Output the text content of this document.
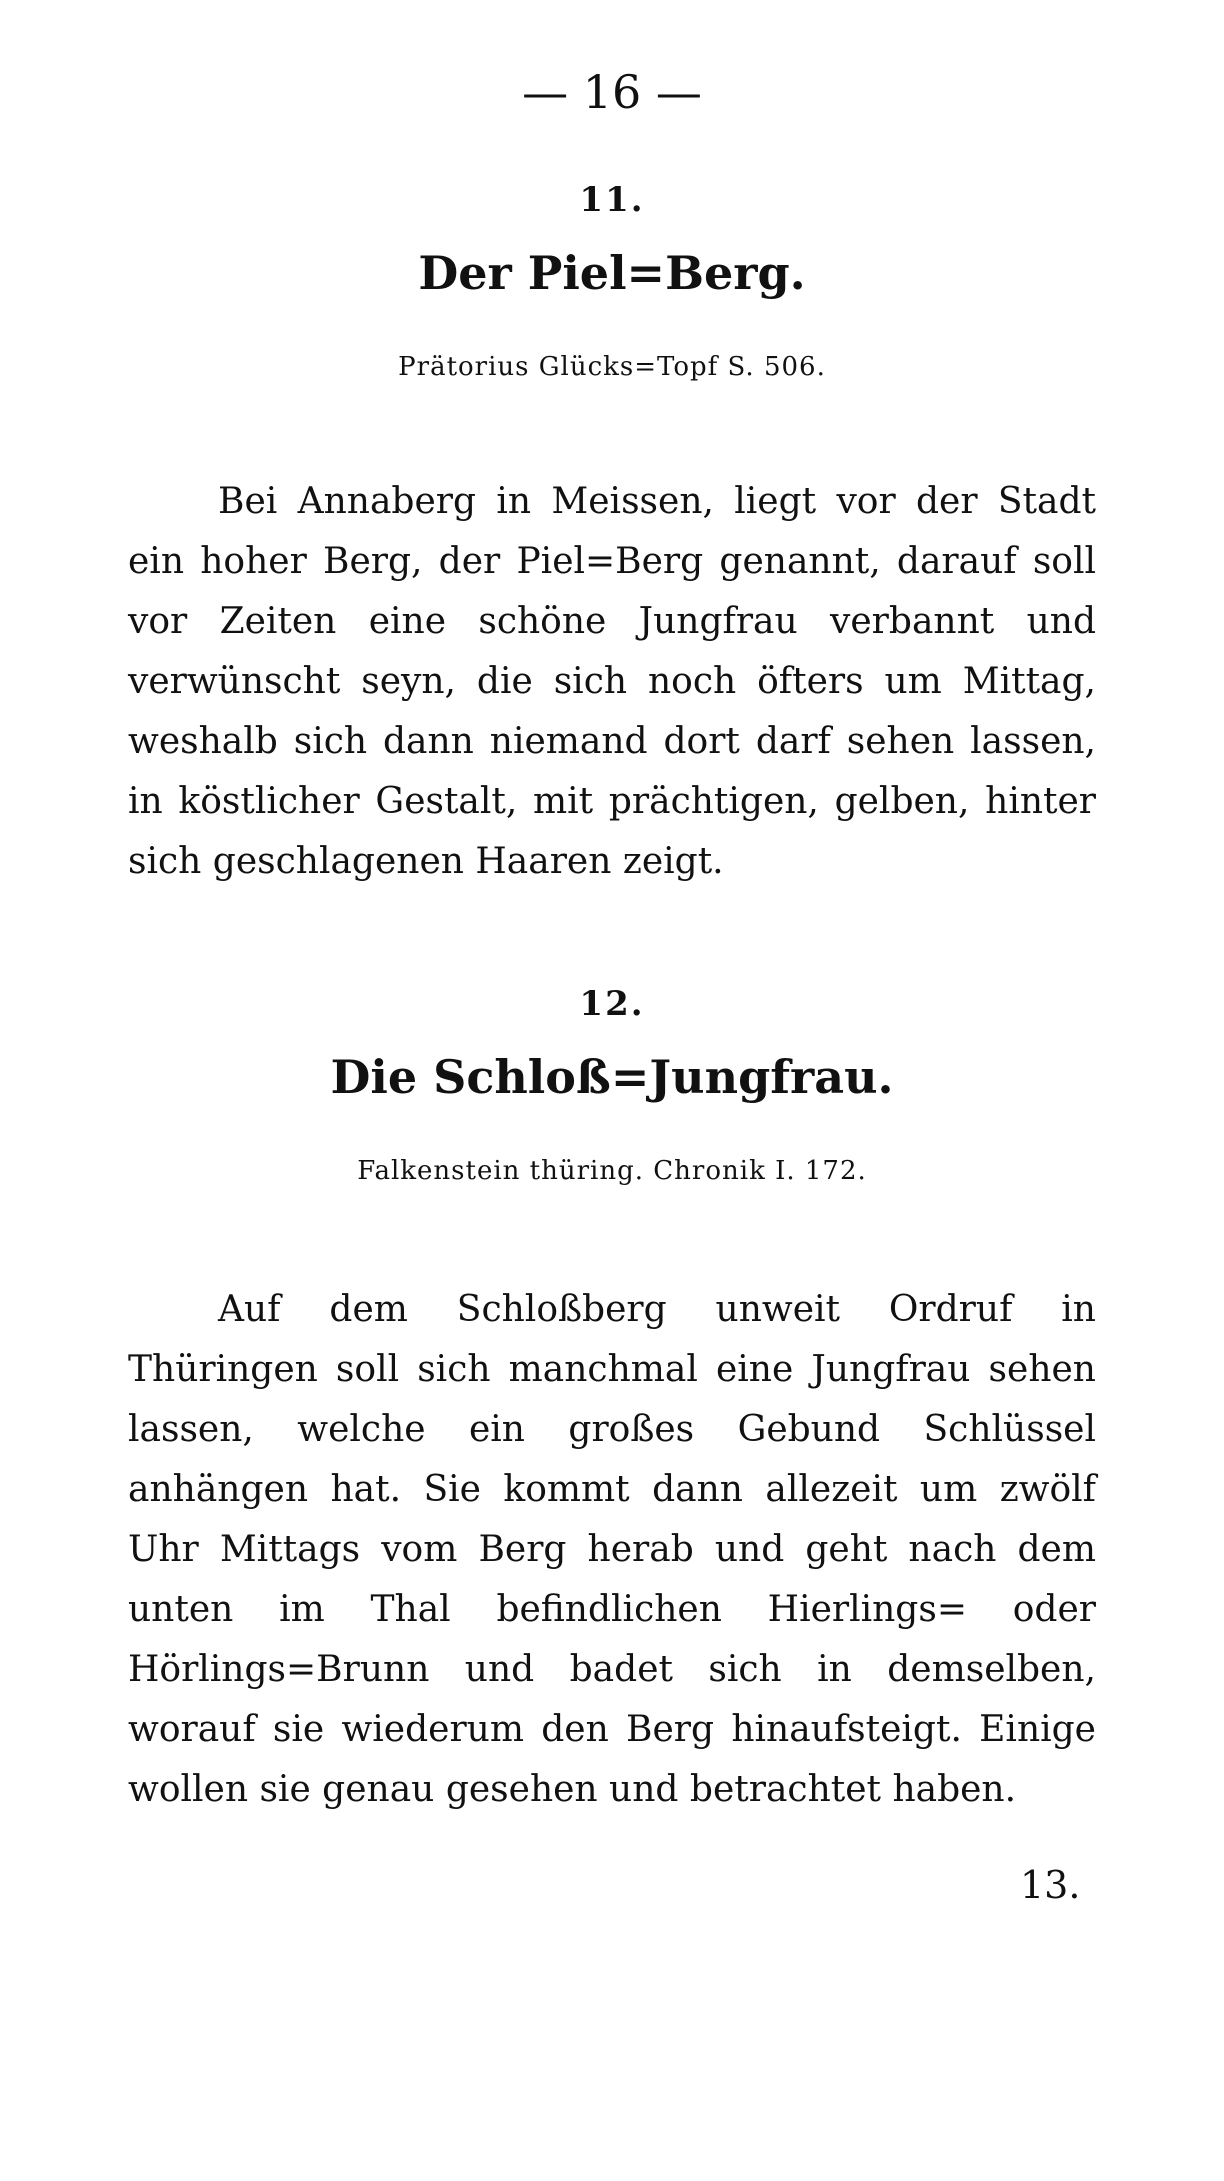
— 16 —
11.
Der Piel=Berg.
Prätorius Glücks=Topf S. 506.

Bei Annaberg in Meissen, liegt vor der Stadt ein hoher Berg, der Piel=Berg genannt, darauf soll vor Zeiten eine schöne Jungfrau verbannt und verwünscht seyn, die sich noch öfters um Mittag, weshalb sich dann niemand dort darf sehen lassen, in köstlicher Gestalt, mit prächtigen, gelben, hinter sich geschlagenen Haaren zeigt.

12.
Die Schloß=Jungfrau.
Falkenstein thüring. Chronik I. 172.

Auf dem Schloßberg unweit Ordruf in Thüringen soll sich manchmal eine Jungfrau sehen lassen, welche ein großes Gebund Schlüssel anhängen hat. Sie kommt dann allezeit um zwölf Uhr Mittags vom Berg herab und geht nach dem unten im Thal befindlichen Hierlings= oder Hörlings=Brunn und badet sich in demselben, worauf sie wiederum den Berg hinaufsteigt. Einige wollen sie genau gesehen und betrachtet haben.

13.
